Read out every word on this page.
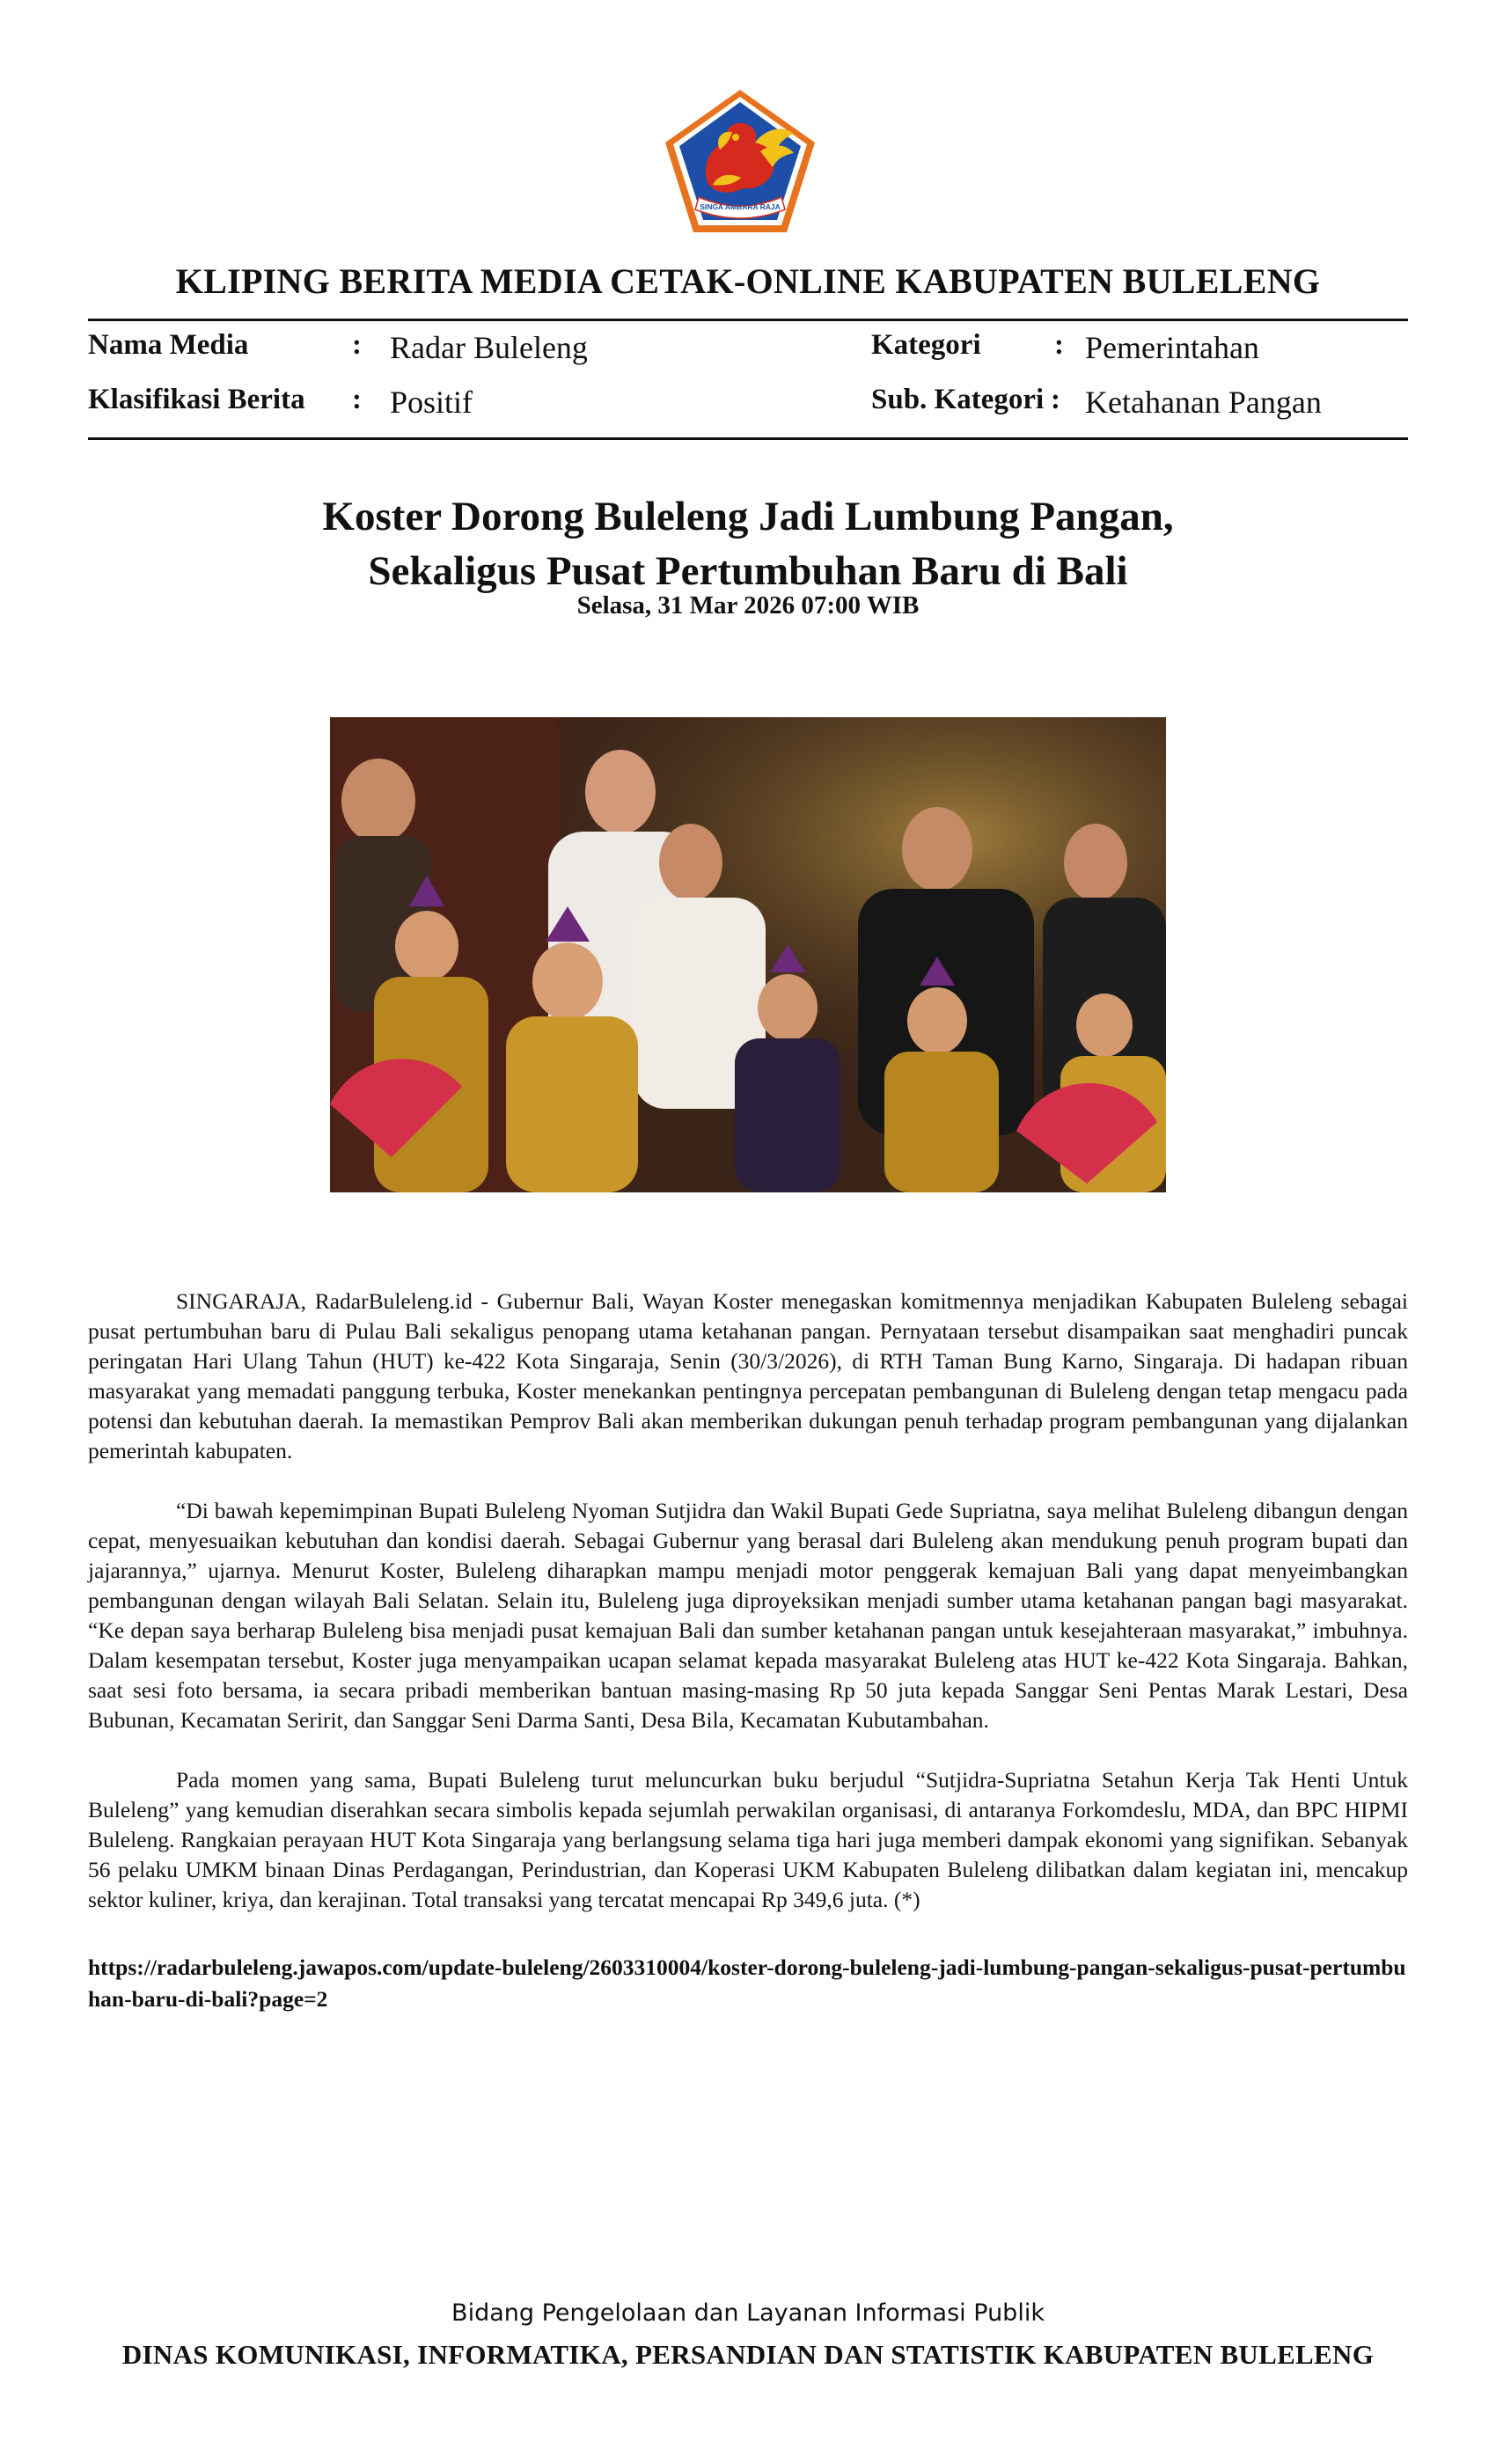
SINGA AMBARA RAJA
KLIPING BERITA MEDIA CETAK-ONLINE KABUPATEN BULELENG
Nama Media	: Radar Buleleng	Kategori	: Pemerintahan
Klasifikasi Berita : Positif	Sub. Kategori : Ketahanan Pangan
Koster Dorong Buleleng Jadi Lumbung Pangan,
Sekaligus Pusat Pertumbuhan Baru di Bali
Selasa, 31 Mar 2026 07:00 WIB

SINGARAJA, RadarBuleleng.id - Gubernur Bali, Wayan Koster menegaskan komitmennya menjadikan Kabupaten Buleleng sebagai pusat pertumbuhan baru di Pulau Bali sekaligus penopang utama ketahanan pangan. Pernyataan tersebut disampaikan saat menghadiri puncak peringatan Hari Ulang Tahun (HUT) ke-422 Kota Singaraja, Senin (30/3/2026), di RTH Taman Bung Karno, Singaraja. Di hadapan ribuan masyarakat yang memadati panggung terbuka, Koster menekankan pentingnya percepatan pembangunan di Buleleng dengan tetap mengacu pada potensi dan kebutuhan daerah. Ia memastikan Pemprov Bali akan memberikan dukungan penuh terhadap program pembangunan yang dijalankan pemerintah kabupaten.

“Di bawah kepemimpinan Bupati Buleleng Nyoman Sutjidra dan Wakil Bupati Gede Supriatna, saya melihat Buleleng dibangun dengan cepat, menyesuaikan kebutuhan dan kondisi daerah. Sebagai Gubernur yang berasal dari Buleleng akan mendukung penuh program bupati dan jajarannya,” ujarnya. Menurut Koster, Buleleng diharapkan mampu menjadi motor penggerak kemajuan Bali yang dapat menyeimbangkan pembangunan dengan wilayah Bali Selatan. Selain itu, Buleleng juga diproyeksikan menjadi sumber utama ketahanan pangan bagi masyarakat. “Ke depan saya berharap Buleleng bisa menjadi pusat kemajuan Bali dan sumber ketahanan pangan untuk kesejahteraan masyarakat,” imbuhnya. Dalam kesempatan tersebut, Koster juga menyampaikan ucapan selamat kepada masyarakat Buleleng atas HUT ke-422 Kota Singaraja. Bahkan, saat sesi foto bersama, ia secara pribadi memberikan bantuan masing-masing Rp 50 juta kepada Sanggar Seni Pentas Marak Lestari, Desa Bubunan, Kecamatan Seririt, dan Sanggar Seni Darma Santi, Desa Bila, Kecamatan Kubutambahan.

Pada momen yang sama, Bupati Buleleng turut meluncurkan buku berjudul “Sutjidra-Supriatna Setahun Kerja Tak Henti Untuk Buleleng” yang kemudian diserahkan secara simbolis kepada sejumlah perwakilan organisasi, di antaranya Forkomdeslu, MDA, dan BPC HIPMI Buleleng. Rangkaian perayaan HUT Kota Singaraja yang berlangsung selama tiga hari juga memberi dampak ekonomi yang signifikan. Sebanyak 56 pelaku UMKM binaan Dinas Perdagangan, Perindustrian, dan Koperasi UKM Kabupaten Buleleng dilibatkan dalam kegiatan ini, mencakup sektor kuliner, kriya, dan kerajinan. Total transaksi yang tercatat mencapai Rp 349,6 juta. (*)

https://radarbuleleng.jawapos.com/update-buleleng/2603310004/koster-dorong-buleleng-jadi-lumbung-pangan-sekaligus-pusat-pertumbuhan-baru-di-bali?page=2
Bidang Pengelolaan dan Layanan Informasi Publik
DINAS KOMUNIKASI, INFORMATIKA, PERSANDIAN DAN STATISTIK KABUPATEN BULELENG
